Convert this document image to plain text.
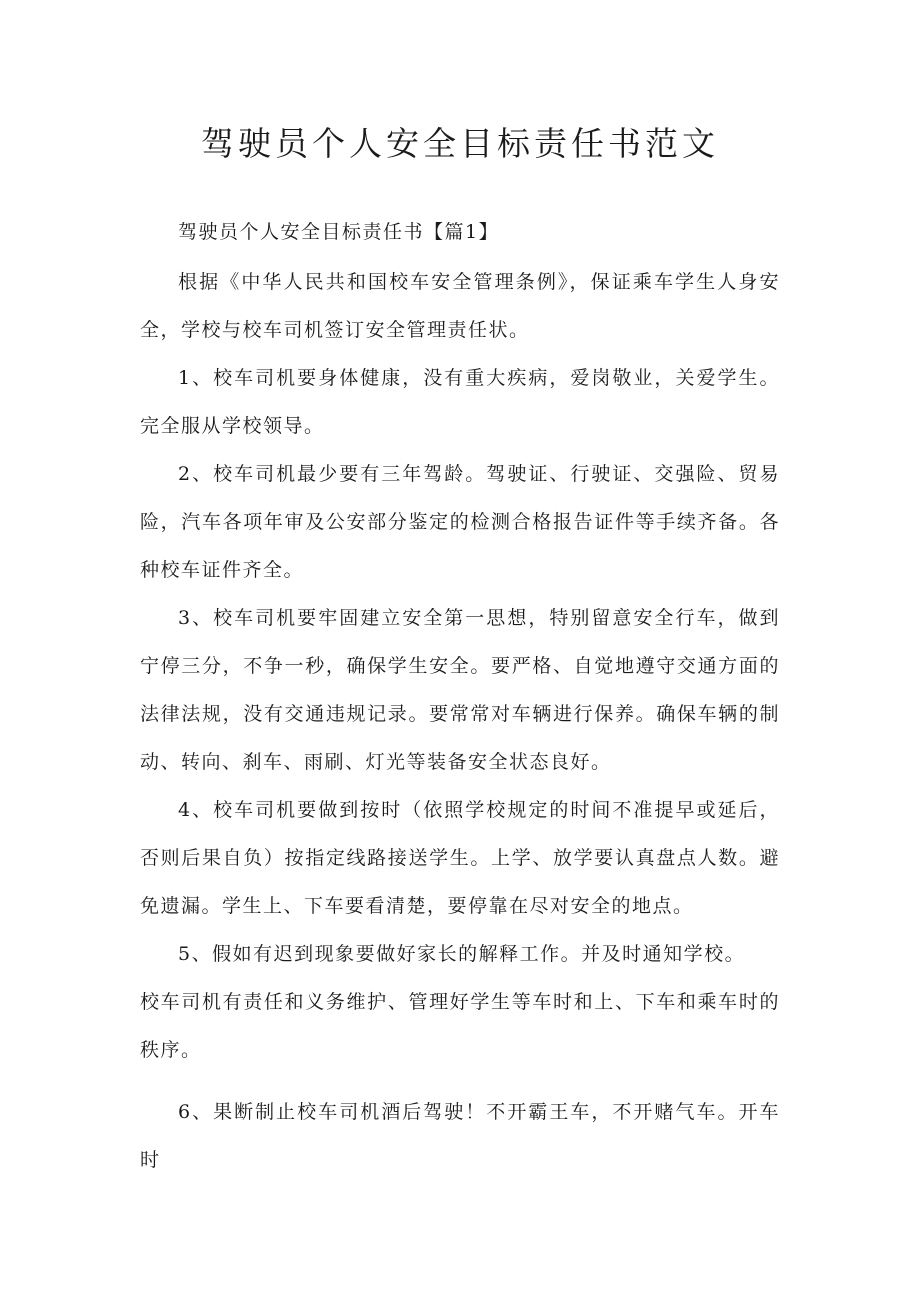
驾驶员个人安全目标责任书范文

驾驶员个人安全目标责任书【篇1】

根据《中华人民共和国校车安全管理条例》，保证乘车学生人身安全，学校与校车司机签订安全管理责任状。

1、校车司机要身体健康，没有重大疾病，爱岗敬业，关爱学生。完全服从学校领导。

2、校车司机最少要有三年驾龄。驾驶证、行驶证、交强险、贸易险，汽车各项年审及公安部分鉴定的检测合格报告证件等手续齐备。各种校车证件齐全。

3、校车司机要牢固建立安全第一思想，特别留意安全行车，做到宁停三分，不争一秒，确保学生安全。要严格、自觉地遵守交通方面的法律法规，没有交通违规记录。要常常对车辆进行保养。确保车辆的制动、转向、刹车、雨刷、灯光等装备安全状态良好。

4、校车司机要做到按时（依照学校规定的时间不准提早或延后，否则后果自负）按指定线路接送学生。上学、放学要认真盘点人数。避免遗漏。学生上、下车要看清楚，要停靠在尽对安全的地点。

5、假如有迟到现象要做好家长的解释工作。并及时通知学校。

校车司机有责任和义务维护、管理好学生等车时和上、下车和乘车时的秩序。

6、果断制止校车司机酒后驾驶！不开霸王车，不开赌气车。开车时
